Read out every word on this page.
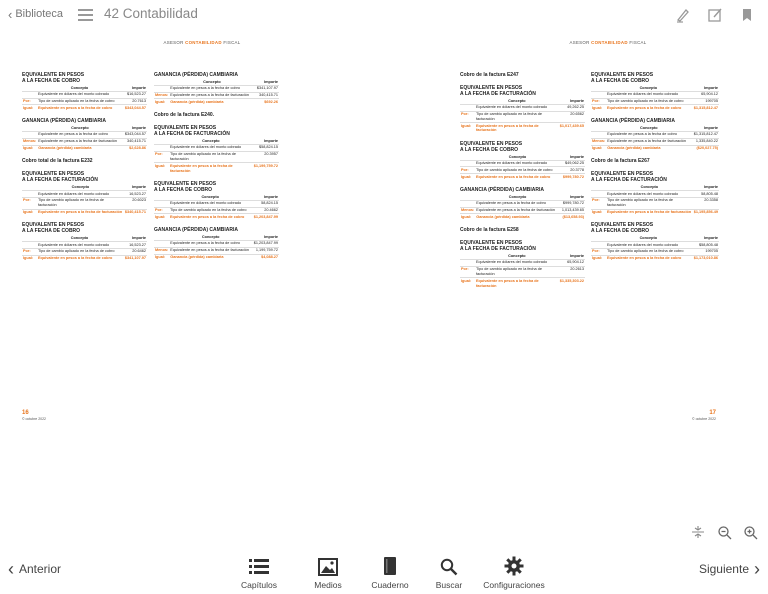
‹ Biblioteca	42 Contabilidad
ASESOR CONTABILIDAD FISCAL
EQUIVALENTE EN PESOS
A LA FECHA DE COBRO
	Concepto	Importe
	Equivalente en dólares del monto cobrado	$16,523.27
Por:	Tipo de cambio aplicado en la fecha de cobro	20.7613
Igual:	Equivalente en pesos a la fecha de cobro	$343,044.57
GANANCIA (PÉRDIDA) CAMBIARIA
	Concepto	Importe
	Equivalente en pesos a la fecha de cobro	$343,044.57
Menos:	Equivalente en pesos a la fecha de facturación	340,415.71
Igual:	Ganancia (pérdida) cambiaria	$2,628.86
Cobro total de la factura E232
EQUIVALENTE EN PESOS
A LA FECHA DE FACTURACIÓN
	Concepto	Importe
	Equivalente en dólares del monto cobrado	16,523.27
Por:	Tipo de cambio aplicado en la fecha de facturación	20.6023
Igual:	Equivalente en pesos a la fecha de facturación	$340,415.71
EQUIVALENTE EN PESOS
A LA FECHA DE COBRO
	Concepto	Importe
	Equivalente en dólares del monto cobrado	16,523.27
Por:	Tipo de cambio aplicado en la fecha de cobro	20.6462
Igual:	Equivalente en pesos a la fecha de cobro	$341,107.97
GANANCIA (PÉRDIDA) CAMBIARIA
	Concepto	Importe
	Equivalente en pesos a la fecha de cobro	$341,107.97
Menos:	Equivalente en pesos a la fecha de facturación	340,415.71
Igual:	Ganancia (pérdida) cambiaria	$692.26
Cobro de la factura E240.
EQUIVALENTE EN PESOS
A LA FECHA DE FACTURACIÓN
	Concepto	Importe
	Equivalente en dólares del monto cobrado	$58,824.15
Por:	Tipo de cambio aplicado en la fecha de facturación	20.3957
Igual:	Equivalente en pesos a la fecha de facturación	$1,199,759.72
EQUIVALENTE EN PESOS
A LA FECHA DE COBRO
	Concepto	Importe
	Equivalente en dólares del monto cobrado	58,824.15
Por:	Tipo de cambio aplicado en la fecha de cobro	20.4662
Igual:	Equivalente en pesos a la fecha de cobro	$1,203,847.99
GANANCIA (PÉRDIDA) CAMBIARIA
	Concepto	Importe
	Equivalente en pesos a la fecha de cobro	$1,203,847.99
Menos:	Equivalente en pesos a la fecha de facturación	1,199,759.72
Igual:	Ganancia (pérdida) cambiaria	$4,088.27
16
© octubre 2022
ASESOR CONTABILIDAD FISCAL
Cobro de la factura E247
EQUIVALENTE EN PESOS
A LA FECHA DE FACTURACIÓN
	Concepto	Importe
	Equivalente en dólares del monto cobrado	49,262.25
Por:	Tipo de cambio aplicado en la fecha de facturación	20.6562
Igual:	Equivalente en pesos a la fecha de facturación	$1,017,439.65
EQUIVALENTE EN PESOS
A LA FECHA DE COBRO
	Concepto	Importe
	Equivalente en dólares del monto cobrado	$49,062.25
Por:	Tipo de cambio aplicado en la fecha de cobro	20.3778
Igual:	Equivalente en pesos a la fecha de cobro	$999,780.72
GANANCIA (PÉRDIDA) CAMBIARIA
	Concepto	Importe
	Equivalente en pesos a la fecha de cobro	$999,780.72
Menos:	Equivalente en pesos a la fecha de facturación	1,013,439.65
Igual:	Ganancia (pérdida) cambiaria	($13,658.93)
Cobro de la factura E258
EQUIVALENTE EN PESOS
A LA FECHA DE FACTURACIÓN
	Concepto	Importe
	Equivalente en dólares del monto cobrado	65,904.12
Por:	Tipo de cambio aplicado en la fecha de facturación	20.2613
Igual:	Equivalente en pesos a la fecha de facturación	$1,335,303.22
EQUIVALENTE EN PESOS
A LA FECHA DE COBRO
	Concepto	Importe
	Equivalente en dólares del monto cobrado	65,904.12
Por:	Tipo de cambio aplicado en la fecha de cobro	199705
Igual:	Equivalente en pesos a la fecha de cobro	$1,315,812.47
GANANCIA (PÉRDIDA) CAMBIARIA
	Concepto	Importe
	Equivalente en pesos a la fecha de cobro	$1,315,812.47
Menos:	Equivalente en pesos a la fecha de facturación	1,335,840.22
Igual:	Ganancia (pérdida) cambiaria	($20,027.75)
Cobro de la factura E267
EQUIVALENTE EN PESOS
A LA FECHA DE FACTURACIÓN
	Concepto	Importe
	Equivalente en dólares del monto cobrado	58,805.48
Por:	Tipo de cambio aplicado en la fecha de facturación	20.3358
Igual:	Equivalente en pesos a la fecha de facturación	$1,195,856.49
EQUIVALENTE EN PESOS
A LA FECHA DE COBRO
	Concepto	Importe
	Equivalente en dólares del monto cobrado	$58,805.48
Por:	Tipo de cambio aplicado en la fecha de cobro	199705
Igual:	Equivalente en pesos a la fecha de cobro	$1,173,010.86
17
© octubre 2022
‹ Anterior
Capítulos	Medios	Cuaderno	Buscar Configuraciones
Siguiente ›
